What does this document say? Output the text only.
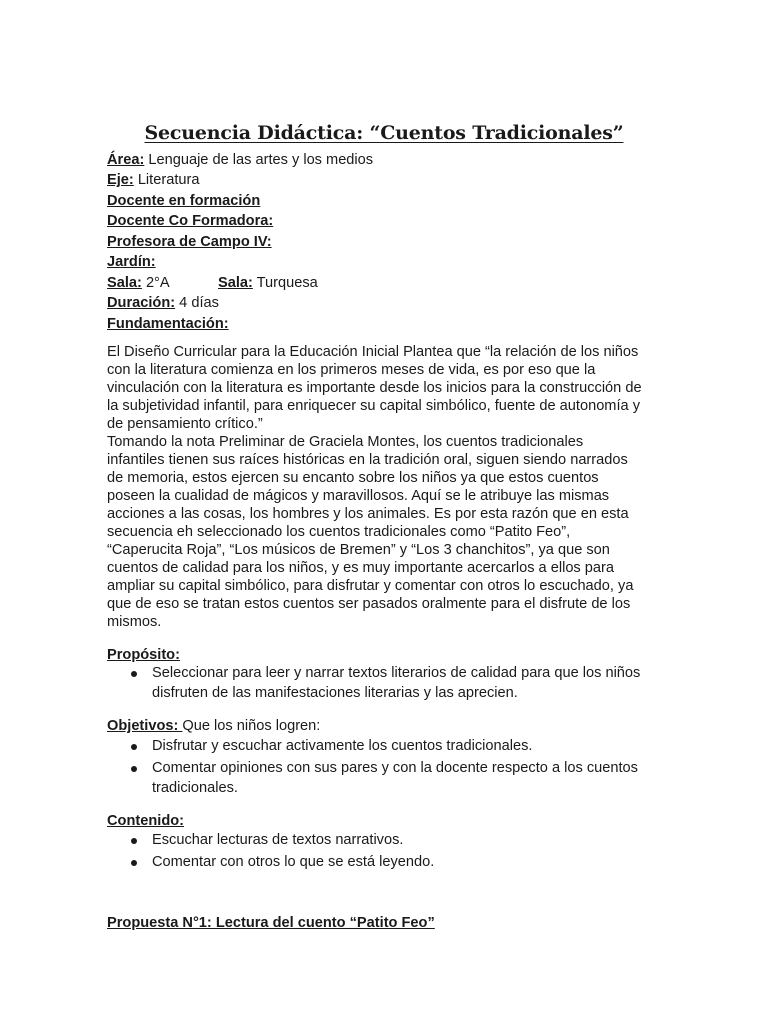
Secuencia Didáctica: “Cuentos Tradicionales”
Área: Lenguaje de las artes y los medios
Eje: Literatura
Docente en formación
Docente Co Formadora:
Profesora de Campo IV:
Jardín:
Sala: 2°A	Sala: Turquesa
Duración: 4 días
Fundamentación:
El Diseño Curricular para la Educación Inicial Plantea que “la relación de los niños
con la literatura comienza en los primeros meses de vida, es por eso que la
vinculación con la literatura es importante desde los inicios para la construcción de
la subjetividad infantil, para enriquecer su capital simbólico, fuente de autonomía y
de pensamiento crítico.”
Tomando la nota Preliminar de Graciela Montes, los cuentos tradicionales
infantiles tienen sus raíces históricas en la tradición oral, siguen siendo narrados
de memoria, estos ejercen su encanto sobre los niños ya que estos cuentos
poseen la cualidad de mágicos y maravillosos. Aquí se le atribuye las mismas
acciones a las cosas, los hombres y los animales. Es por esta razón que en esta
secuencia eh seleccionado los cuentos tradicionales como “Patito Feo”,
“Caperucita Roja”, “Los músicos de Bremen” y “Los 3 chanchitos”, ya que son
cuentos de calidad para los niños, y es muy importante acercarlos a ellos para
ampliar su capital simbólico, para disfrutar y comentar con otros lo escuchado, ya
que de eso se tratan estos cuentos ser pasados oralmente para el disfrute de los
mismos.
Propósito:
Seleccionar para leer y narrar textos literarios de calidad para que los niños
disfruten de las manifestaciones literarias y las aprecien.
Objetivos: Que los niños logren:
Disfrutar y escuchar activamente los cuentos tradicionales.
Comentar opiniones con sus pares y con la docente respecto a los cuentos
tradicionales.
Contenido:
Escuchar lecturas de textos narrativos.
Comentar con otros lo que se está leyendo.
Propuesta N°1: Lectura del cuento “Patito Feo”
